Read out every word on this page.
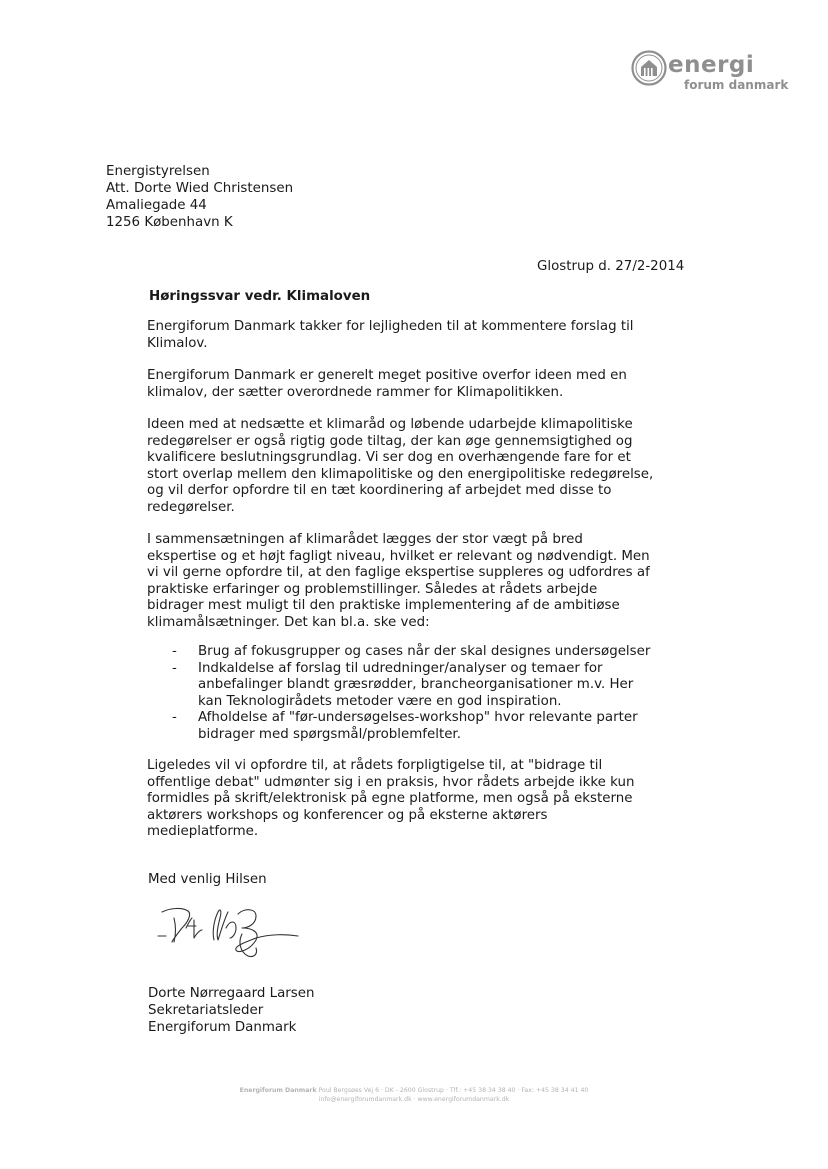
energi
forum danmark
Energistyrelsen
Att. Dorte Wied Christensen
Amaliegade 44
1256 København K
Glostrup d. 27/2-2014
Høringssvar vedr. Klimaloven
Energiforum Danmark takker for lejligheden til at kommentere forslag til
Klimalov.
Energiforum Danmark er generelt meget positive overfor ideen med en
klimalov, der sætter overordnede rammer for Klimapolitikken.
Ideen med at nedsætte et klimaråd og løbende udarbejde klimapolitiske
redegørelser er også rigtig gode tiltag, der kan øge gennemsigtighed og
kvalificere beslutningsgrundlag. Vi ser dog en overhængende fare for et
stort overlap mellem den klimapolitiske og den energipolitiske redegørelse,
og vil derfor opfordre til en tæt koordinering af arbejdet med disse to
redegørelser.
I sammensætningen af klimarådet lægges der stor vægt på bred
ekspertise og et højt fagligt niveau, hvilket er relevant og nødvendigt. Men
vi vil gerne opfordre til, at den faglige ekspertise suppleres og udfordres af
praktiske erfaringer og problemstillinger. Således at rådets arbejde
bidrager mest muligt til den praktiske implementering af de ambitiøse
klimamålsætninger. Det kan bl.a. ske ved:
- Brug af fokusgrupper og cases når der skal designes undersøgelser
- Indkaldelse af forslag til udredninger/analyser og temaer for
anbefalinger blandt græsrødder, brancheorganisationer m.v. Her
kan Teknologirådets metoder være en god inspiration.
- Afholdelse af "før-undersøgelses-workshop" hvor relevante parter
bidrager med spørgsmål/problemfelter.
Ligeledes vil vi opfordre til, at rådets forpligtigelse til, at "bidrage til
offentlige debat" udmønter sig i en praksis, hvor rådets arbejde ikke kun
formidles på skrift/elektronisk på egne platforme, men også på eksterne
aktørers workshops og konferencer og på eksterne aktørers
medieplatforme.
Med venlig Hilsen
Dorte Nørregaard Larsen
Sekretariatsleder
Energiforum Danmark
Energiforum Danmark Poul Bergsøes Vej 6 · DK - 2600 Glostrup · Tlf.: +45 38 34 38 40 · Fax: +45 38 34 41 40
info@energiforumdanmark.dk · www.energiforumdanmark.dk
